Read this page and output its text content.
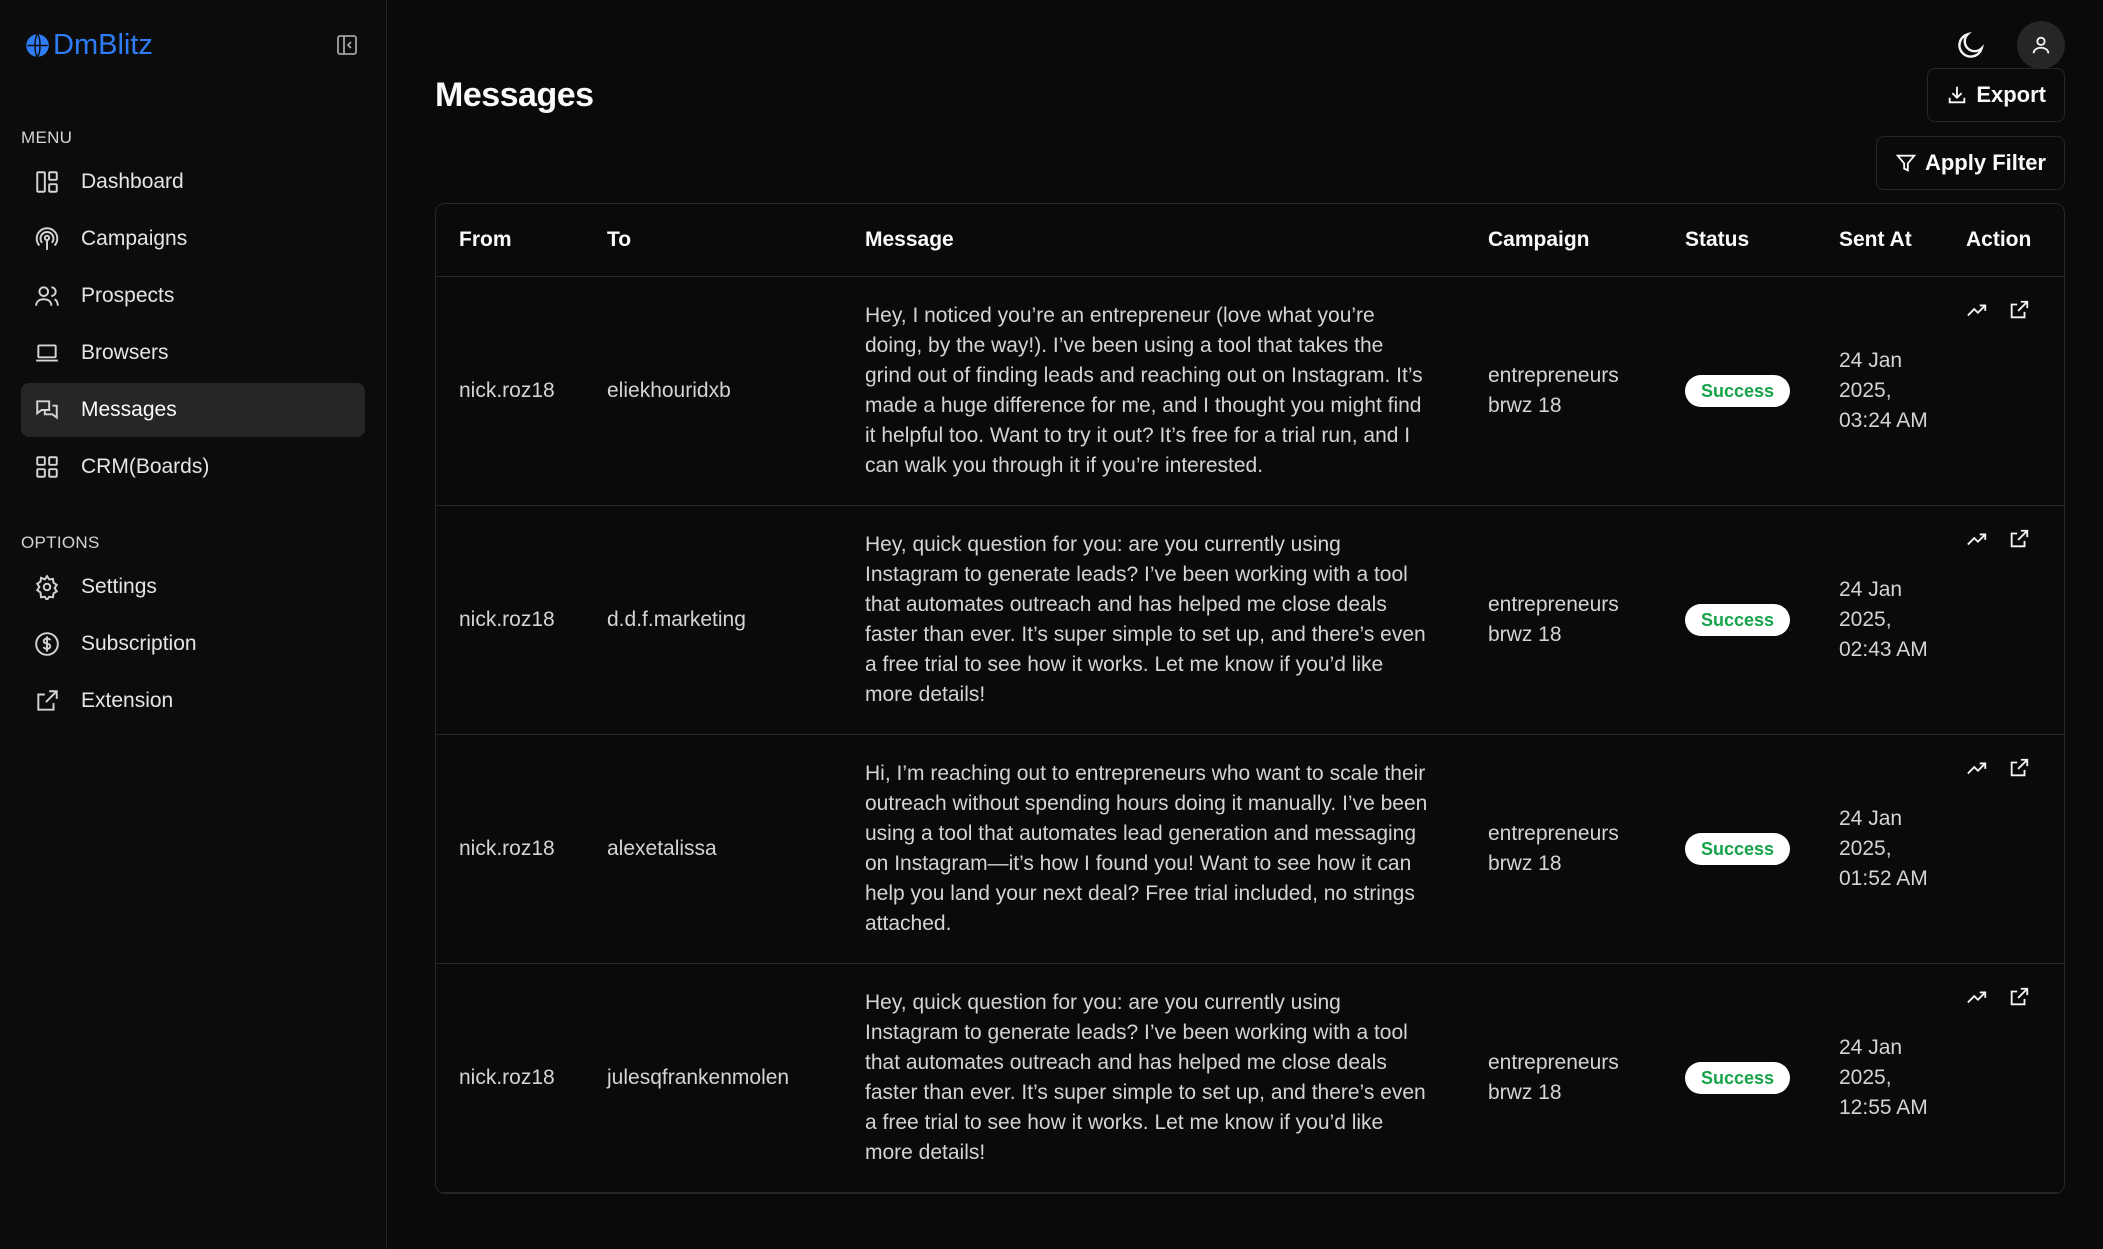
DmBlitz
MENU
Dashboard
Campaigns
Prospects
Browsers
Messages
CRM(Boards)
OPTIONS
Settings
Subscription
Extension
Messages	Export
Apply Filter
From	To	Message	Campaign	Status	Sent At	Action
nick.roz18	eliekhouridxb	Hey, I noticed you’re an entrepreneur (love what you’re doing, by the way!). I’ve been using a tool that takes the grind out of finding leads and reaching out on Instagram. It’s made a huge difference for me, and I thought you might find it helpful too. Want to try it out? It’s free for a trial run, and I can walk you through it if you’re interested.	entrepreneurs brwz 18	Success	24 Jan 2025, 03:24 AM	

nick.roz18	d.d.f.marketing	Hey, quick question for you: are you currently using Instagram to generate leads? I’ve been working with a tool that automates outreach and has helped me close deals faster than ever. It’s super simple to set up, and there’s even a free trial to see how it works. Let me know if you’d like more details!	entrepreneurs brwz 18	Success	24 Jan 2025, 02:43 AM	

nick.roz18	alexetalissa	Hi, I’m reaching out to entrepreneurs who want to scale their outreach without spending hours doing it manually. I’ve been using a tool that automates lead generation and messaging on Instagram—it’s how I found you! Want to see how it can help you land your next deal? Free trial included, no strings attached.	entrepreneurs brwz 18	Success	24 Jan 2025, 01:52 AM	

nick.roz18	julesqfrankenmolen	Hey, quick question for you: are you currently using Instagram to generate leads? I’ve been working with a tool that automates outreach and has helped me close deals faster than ever. It’s super simple to set up, and there’s even a free trial to see how it works. Let me know if you’d like more details!	entrepreneurs brwz 18	Success	24 Jan 2025, 12:55 AM	
